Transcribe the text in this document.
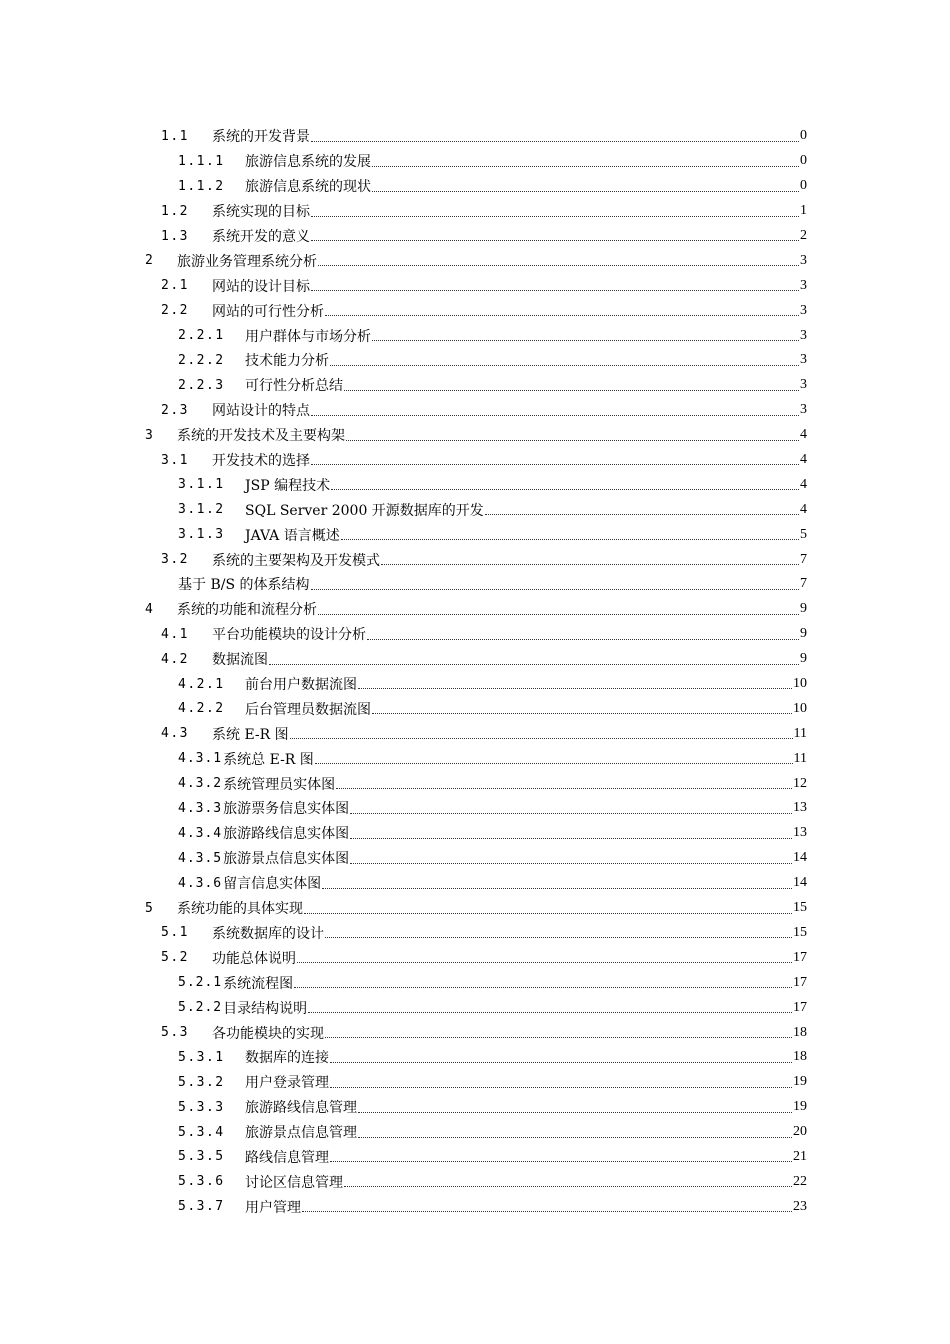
1.1	系统的开发背景	0
1.1.1	旅游信息系统的发展	0
1.1.2	旅游信息系统的现状	0
1.2	系统实现的目标	1
1.3	系统开发的意义	2
2	旅游业务管理系统分析	3
2.1	网站的设计目标	3
2.2	网站的可行性分析	3
2.2.1	用户群体与市场分析	3
2.2.2	技术能力分析	3
2.2.3	可行性分析总结	3
2.3	网站设计的特点	3
3	系统的开发技术及主要构架	4
3.1	开发技术的选择	4
3.1.1	JSP 编程技术	4
3.1.2	SQL Server 2000 开源数据库的开发	4
3.1.3	JAVA 语言概述	5
3.2	系统的主要架构及开发模式	7
基于 B/S 的体系结构	7
4	系统的功能和流程分析	9
4.1	平台功能模块的设计分析	9
4.2	数据流图	9
4.2.1	前台用户数据流图	10
4.2.2	后台管理员数据流图	10
4.3	系统 E-R 图	11
4.3.1 系统总 E-R 图	11
4.3.2 系统管理员实体图	12
4.3.3 旅游票务信息实体图	13
4.3.4 旅游路线信息实体图	13
4.3.5 旅游景点信息实体图	14
4.3.6 留言信息实体图	14
5	系统功能的具体实现	15
5.1	系统数据库的设计	15
5.2	功能总体说明	17
5.2.1 系统流程图	17
5.2.2 目录结构说明	17
5.3	各功能模块的实现	18
5.3.1	数据库的连接	18
5.3.2	用户登录管理	19
5.3.3	旅游路线信息管理	19
5.3.4	旅游景点信息管理	20
5.3.5	路线信息管理	21
5.3.6	讨论区信息管理	22
5.3.7	用户管理	23
